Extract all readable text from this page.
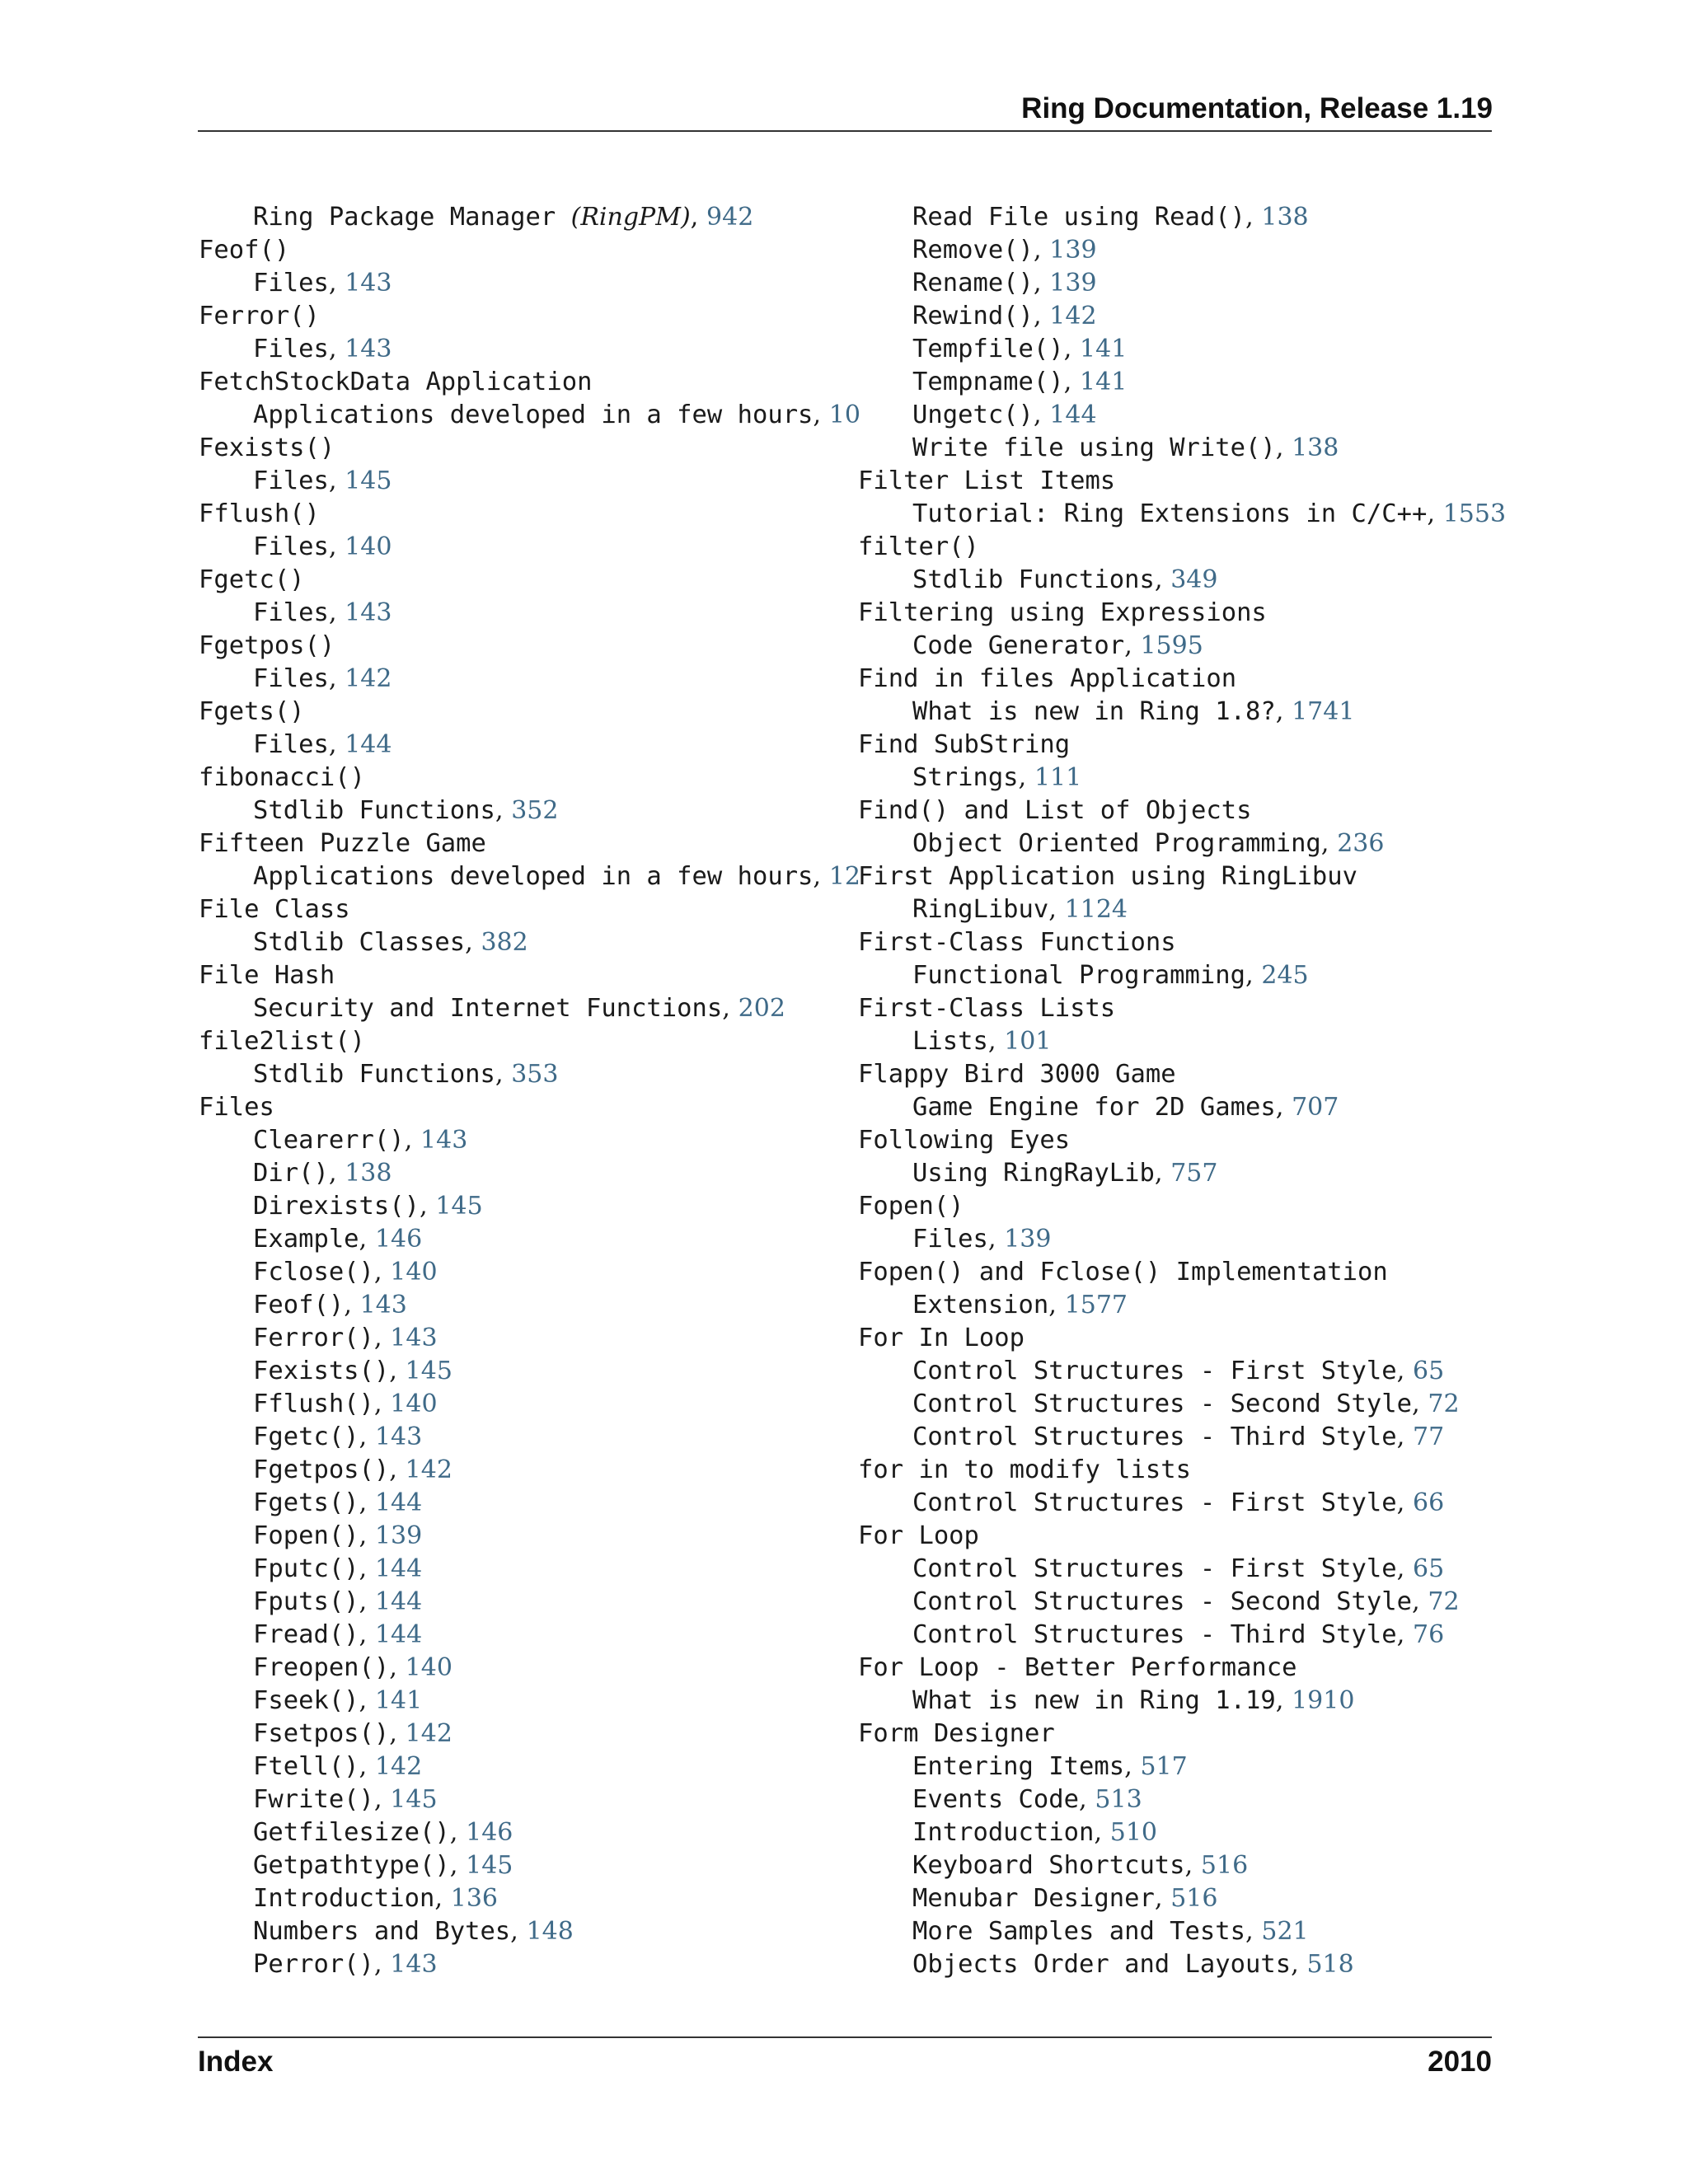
Ring Documentation, Release 1.19
Ring Package Manager (RingPM), 942
Feof()
Files, 143
Ferror()
Files, 143
FetchStockData Application
Applications developed in a few hours, 10
Fexists()
Files, 145
Fflush()
Files, 140
Fgetc()
Files, 143
Fgetpos()
Files, 142
Fgets()
Files, 144
fibonacci()
Stdlib Functions, 352
Fifteen Puzzle Game
Applications developed in a few hours, 12
File Class
Stdlib Classes, 382
File Hash
Security and Internet Functions, 202
file2list()
Stdlib Functions, 353
Files
Clearerr(), 143
Dir(), 138
Direxists(), 145
Example, 146
Fclose(), 140
Feof(), 143
Ferror(), 143
Fexists(), 145
Fflush(), 140
Fgetc(), 143
Fgetpos(), 142
Fgets(), 144
Fopen(), 139
Fputc(), 144
Fputs(), 144
Fread(), 144
Freopen(), 140
Fseek(), 141
Fsetpos(), 142
Ftell(), 142
Fwrite(), 145
Getfilesize(), 146
Getpathtype(), 145
Introduction, 136
Numbers and Bytes, 148
Perror(), 143
Read File using Read(), 138
Remove(), 139
Rename(), 139
Rewind(), 142
Tempfile(), 141
Tempname(), 141
Ungetc(), 144
Write file using Write(), 138
Filter List Items
Tutorial: Ring Extensions in C/C++, 1553
filter()
Stdlib Functions, 349
Filtering using Expressions
Code Generator, 1595
Find in files Application
What is new in Ring 1.8?, 1741
Find SubString
Strings, 111
Find() and List of Objects
Object Oriented Programming, 236
First Application using RingLibuv
RingLibuv, 1124
First-Class Functions
Functional Programming, 245
First-Class Lists
Lists, 101
Flappy Bird 3000 Game
Game Engine for 2D Games, 707
Following Eyes
Using RingRayLib, 757
Fopen()
Files, 139
Fopen() and Fclose() Implementation
Extension, 1577
For In Loop
Control Structures - First Style, 65
Control Structures - Second Style, 72
Control Structures - Third Style, 77
for in to modify lists
Control Structures - First Style, 66
For Loop
Control Structures - First Style, 65
Control Structures - Second Style, 72
Control Structures - Third Style, 76
For Loop - Better Performance
What is new in Ring 1.19, 1910
Form Designer
Entering Items, 517
Events Code, 513
Introduction, 510
Keyboard Shortcuts, 516
Menubar Designer, 516
More Samples and Tests, 521
Objects Order and Layouts, 518
Index	2010
